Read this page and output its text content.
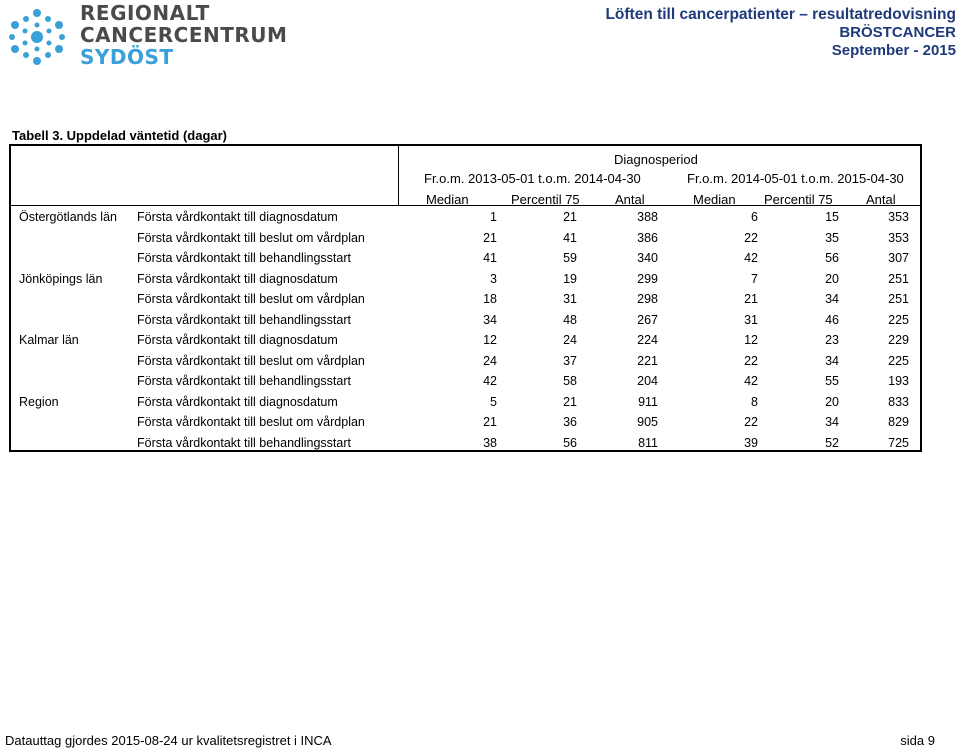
REGIONALT
CANCERCENTRUM
SYDÖST
Löften till cancerpatienter – resultatredovisning
BRÖSTCANCER
September - 2015
Tabell 3. Uppdelad väntetid (dagar)
Diagnosperiod
Fr.o.m. 2013-05-01 t.o.m. 2014-04-30	Fr.o.m. 2014-05-01 t.o.m. 2015-04-30
Median	Percentil 75	Antal	Median Percentil 75	Antal
Östergötlands län Första vårdkontakt till diagnosdatum	1	21	388	6	15	353
Första vårdkontakt till beslut om vårdplan	21	41	386	22	35	353
Första vårdkontakt till behandlingsstart	41	59	340	42	56	307
Jönköpings län	Första vårdkontakt till diagnosdatum	3	19	299	7	20	251
Första vårdkontakt till beslut om vårdplan	18	31	298	21	34	251
Första vårdkontakt till behandlingsstart	34	48	267	31	46	225
Kalmar län	Första vårdkontakt till diagnosdatum	12	24	224	12	23	229
Första vårdkontakt till beslut om vårdplan	24	37	221	22	34	225
Första vårdkontakt till behandlingsstart	42	58	204	42	55	193
Region	Första vårdkontakt till diagnosdatum	5	21	911	8	20	833
Första vårdkontakt till beslut om vårdplan	21	36	905	22	34	829
Första vårdkontakt till behandlingsstart	38	56	811	39	52	725
Datauttag gjordes 2015-08-24 ur kvalitetsregistret i INCA	sida 9
